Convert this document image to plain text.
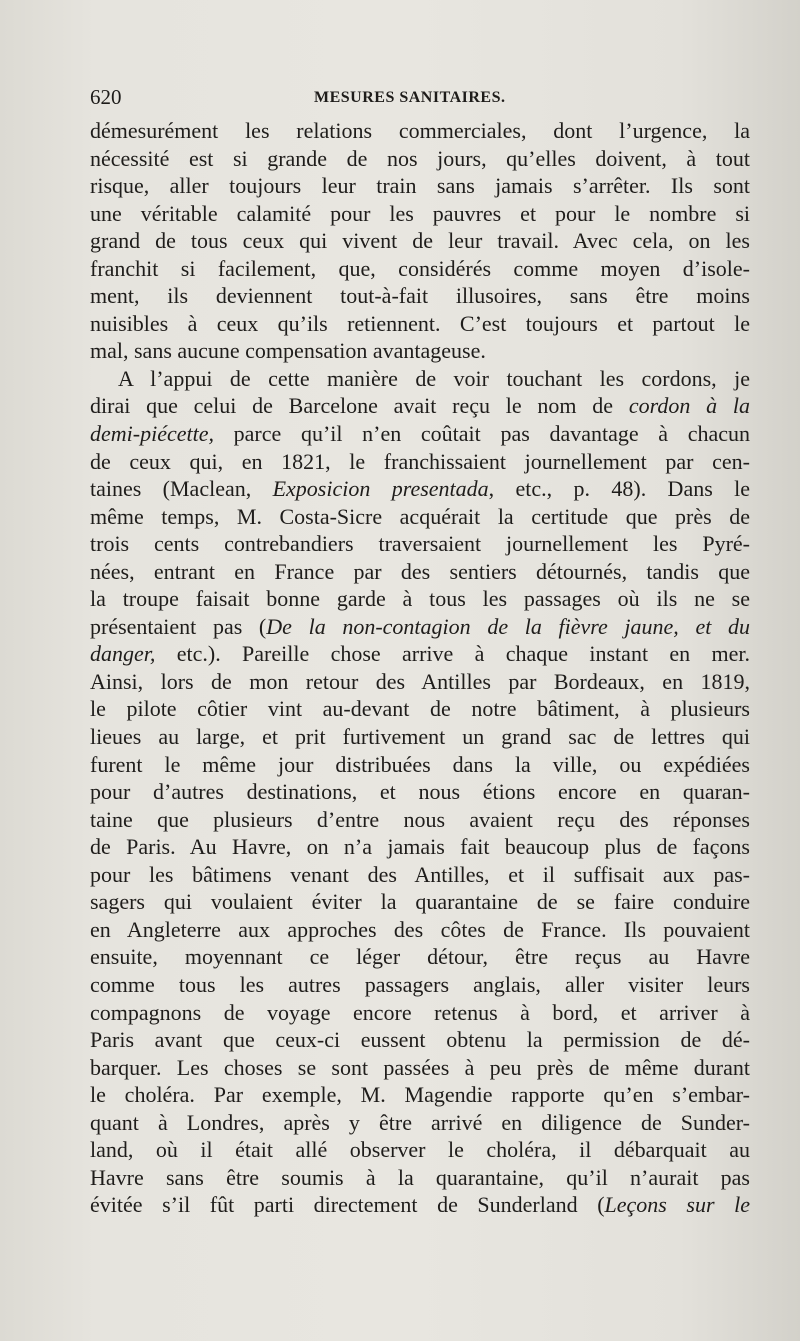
620	MESURES SANITAIRES.
démesurément les relations commerciales, dont l’urgence, la
nécessité est si grande de nos jours, qu’elles doivent, à tout
risque, aller toujours leur train sans jamais s’arrêter. Ils sont
une véritable calamité pour les pauvres et pour le nombre si
grand de tous ceux qui vivent de leur travail. Avec cela, on les
franchit si facilement, que, considérés comme moyen d’isole-
ment, ils deviennent tout-à-fait illusoires, sans être moins
nuisibles à ceux qu’ils retiennent. C’est toujours et partout le
mal, sans aucune compensation avantageuse.
A l’appui de cette manière de voir touchant les cordons, je
dirai que celui de Barcelone avait reçu le nom de cordon à la
demi-piécette, parce qu’il n’en coûtait pas davantage à chacun
de ceux qui, en 1821, le franchissaient journellement par cen-
taines (Maclean, Exposicion presentada, etc., p. 48). Dans le
même temps, M. Costa-Sicre acquérait la certitude que près de
trois cents contrebandiers traversaient journellement les Pyré-
nées, entrant en France par des sentiers détournés, tandis que
la troupe faisait bonne garde à tous les passages où ils ne se
présentaient pas (De la non-contagion de la fièvre jaune, et du
danger, etc.). Pareille chose arrive à chaque instant en mer.
Ainsi, lors de mon retour des Antilles par Bordeaux, en 1819,
le pilote côtier vint au-devant de notre bâtiment, à plusieurs
lieues au large, et prit furtivement un grand sac de lettres qui
furent le même jour distribuées dans la ville, ou expédiées
pour d’autres destinations, et nous étions encore en quaran-
taine que plusieurs d’entre nous avaient reçu des réponses
de Paris. Au Havre, on n’a jamais fait beaucoup plus de façons
pour les bâtimens venant des Antilles, et il suffisait aux pas-
sagers qui voulaient éviter la quarantaine de se faire conduire
en Angleterre aux approches des côtes de France. Ils pouvaient
ensuite, moyennant ce léger détour, être reçus au Havre
comme tous les autres passagers anglais, aller visiter leurs
compagnons de voyage encore retenus à bord, et arriver à
Paris avant que ceux-ci eussent obtenu la permission de dé-
barquer. Les choses se sont passées à peu près de même durant
le choléra. Par exemple, M. Magendie rapporte qu’en s’embar-
quant à Londres, après y être arrivé en diligence de Sunder-
land, où il était allé observer le choléra, il débarquait au
Havre sans être soumis à la quarantaine, qu’il n’aurait pas
évitée s’il fût parti directement de Sunderland (Leçons sur le
